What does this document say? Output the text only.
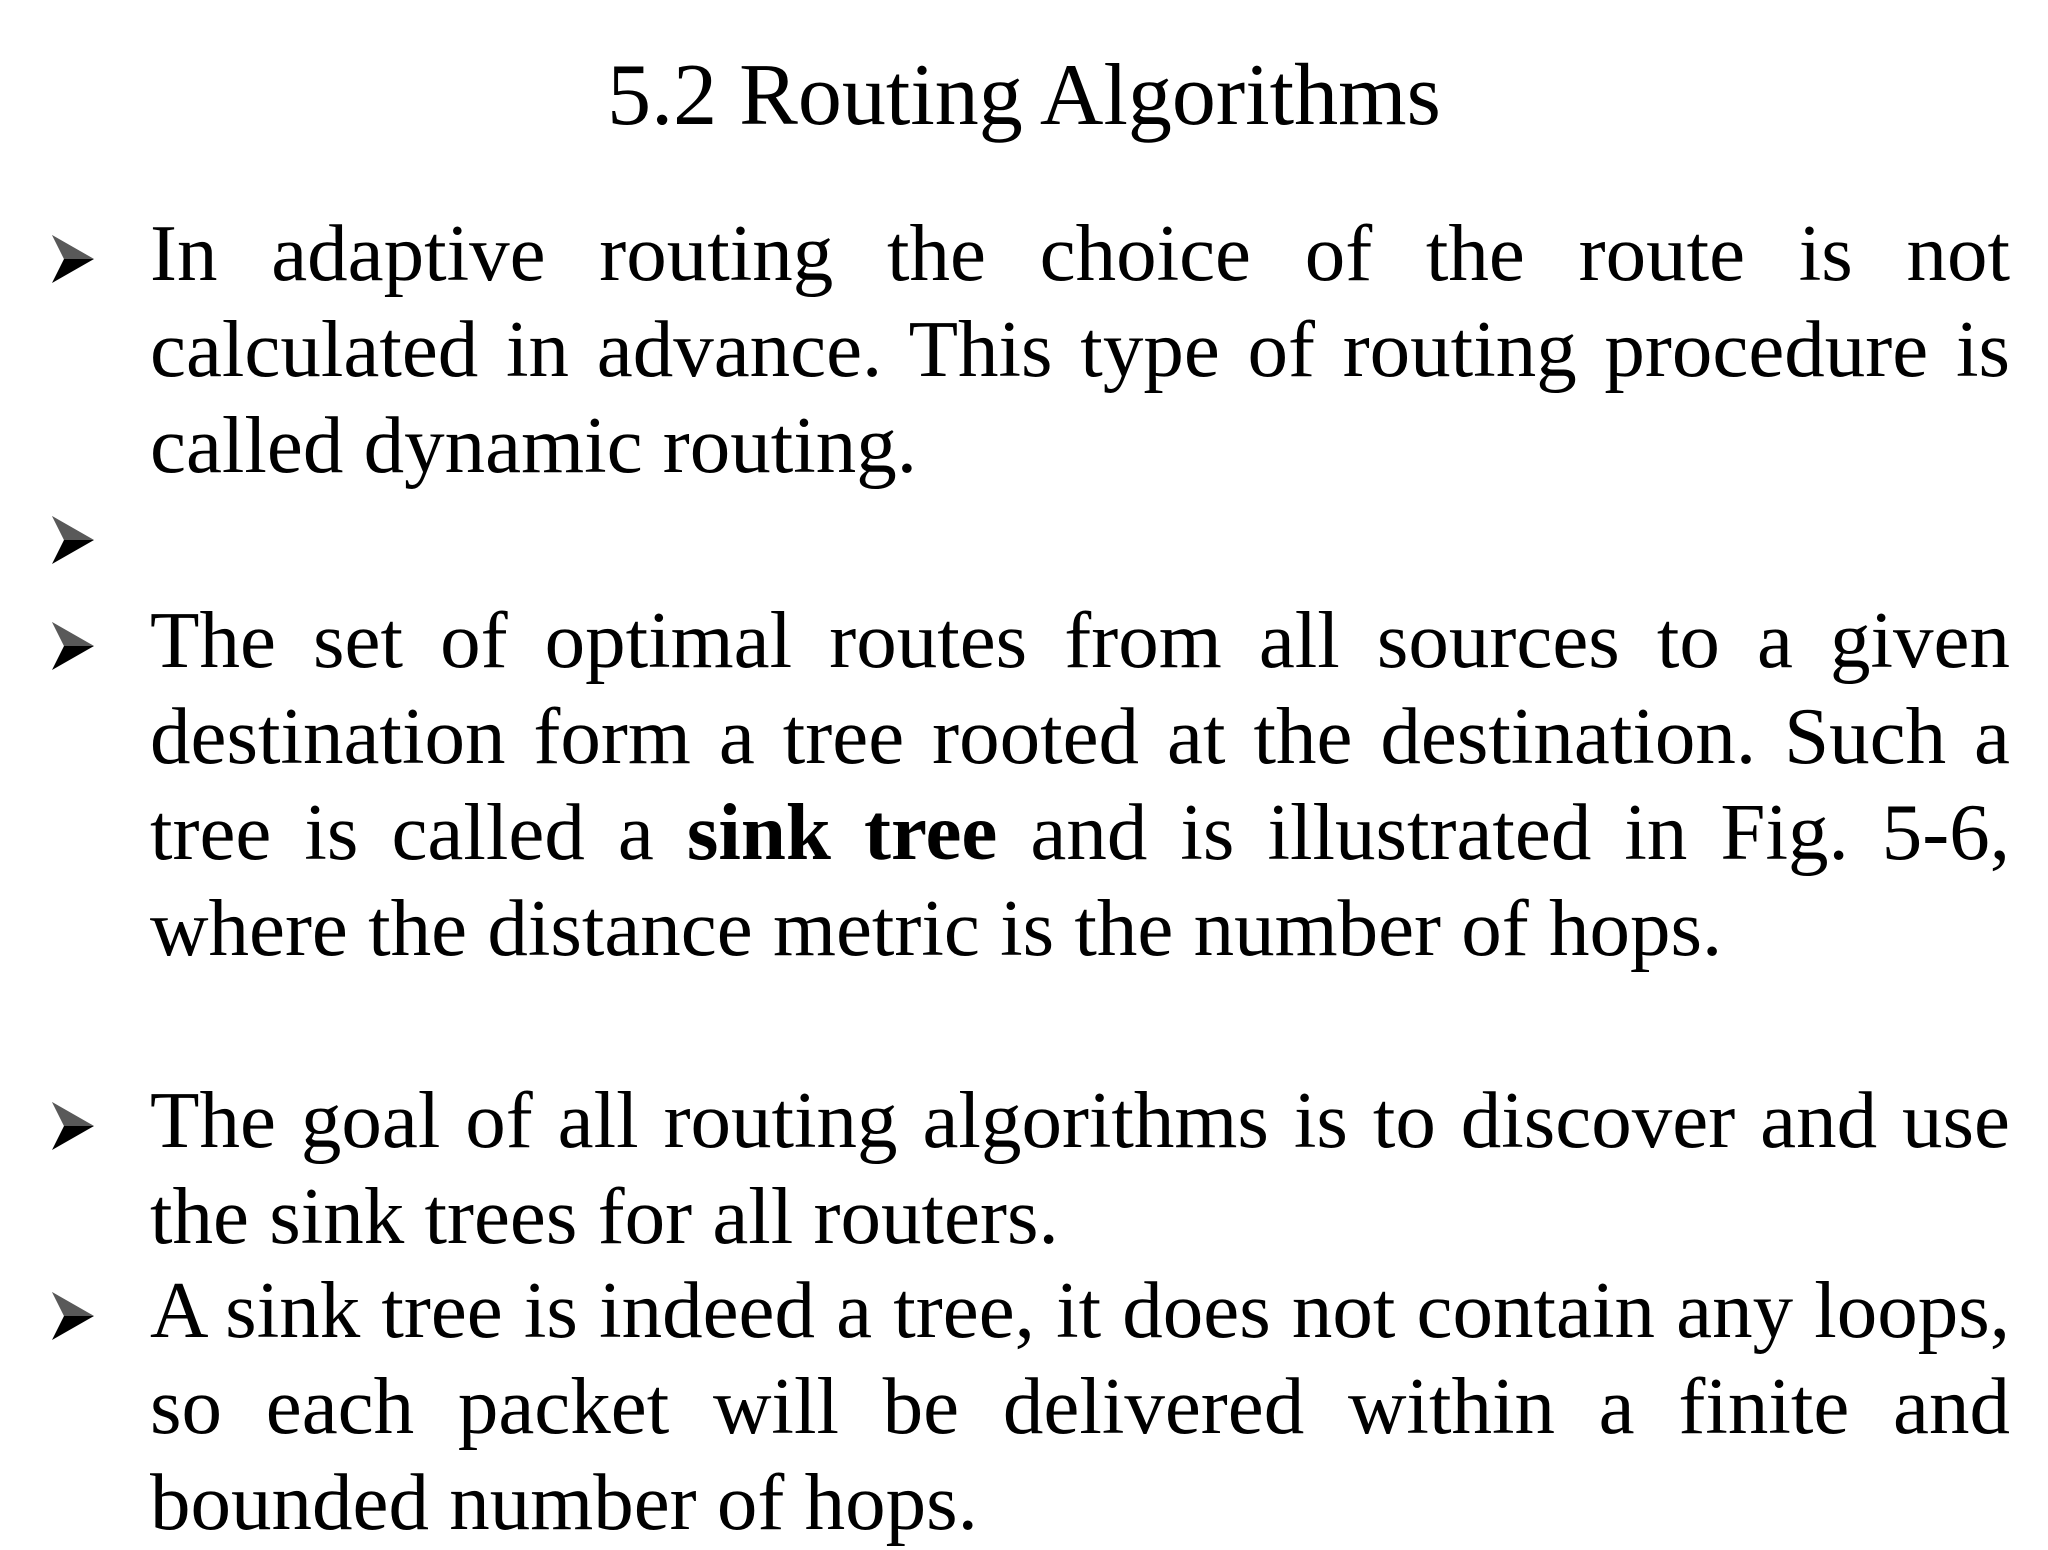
5.2 Routing Algorithms

In adaptive routing the choice of the route is not calculated in advance. This type of routing procedure is called dynamic routing.

The set of optimal routes from all sources to a given destination form a tree rooted at the destination. Such a tree is called a sink tree and is illustrated in Fig. 5-6, where the distance metric is the number of hops.

The goal of all routing algorithms is to discover and use the sink trees for all routers.

A sink tree is indeed a tree, it does not contain any loops, so each packet will be delivered within a finite and bounded number of hops.
